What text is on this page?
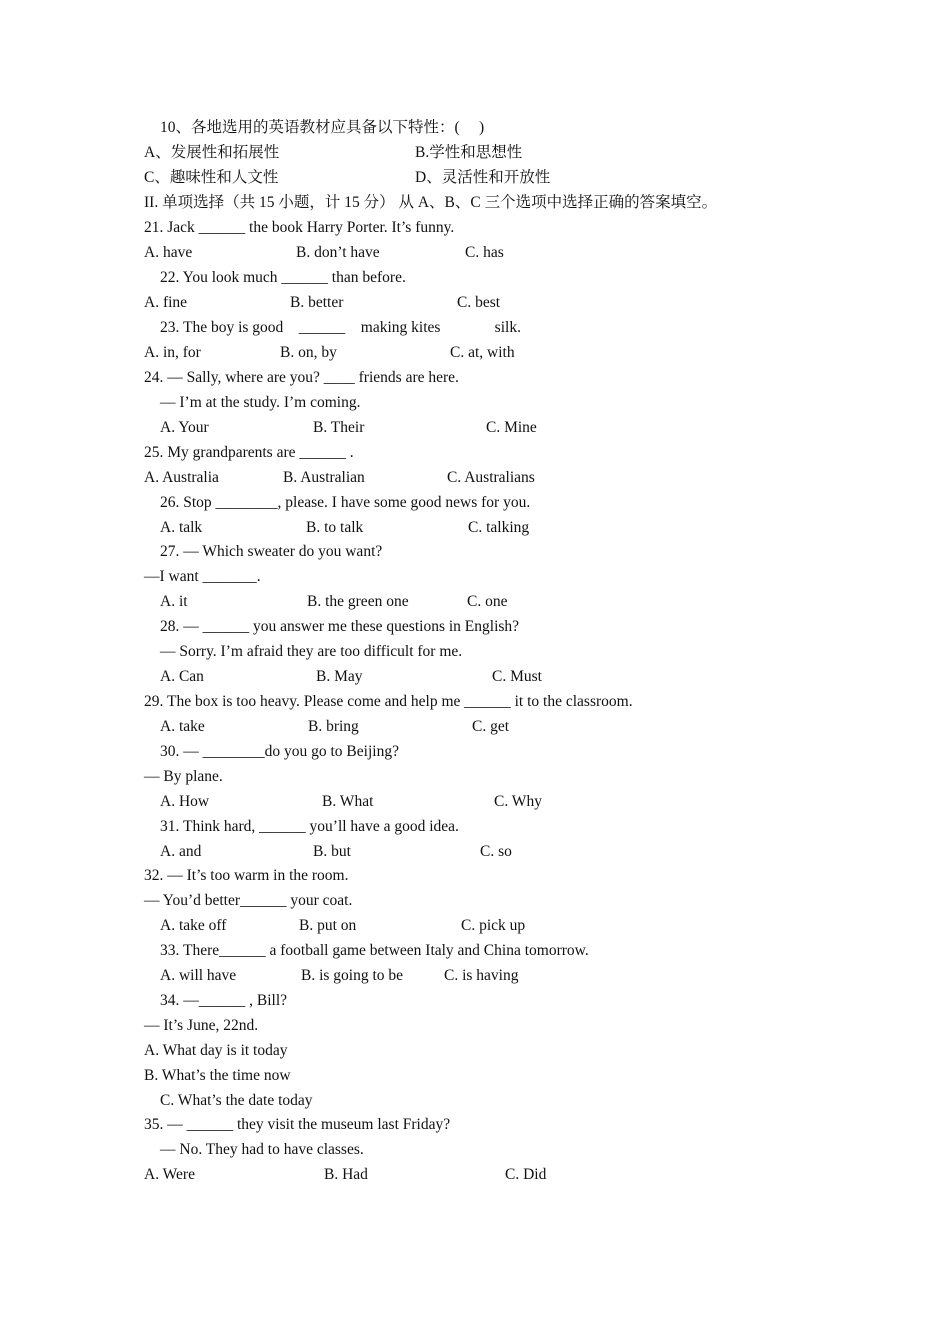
10、各地选用的英语教材应具备以下特性：(　 )
A、发展性和拓展性	B.学性和思想性
C、趣味性和人文性	D、灵活性和开放性
II. 单项选择（共 15 小题，计 15 分） 从 A、B、C 三个选项中选择正确的答案填空。
21. Jack ______ the book Harry Porter. It’s funny.
A. have	B. don’t have	C. has
22. You look much ______ than before.
A. fine	B. better	C. best
23. The boy is good    ______    making kites              silk.
A. in, for	B. on, by	C. at, with
24. — Sally, where are you? ____ friends are here.
— I’m at the study. I’m coming.
A. Your	B. Their	C. Mine
25. My grandparents are ______ .
A. Australia	B. Australian	C. Australians
26. Stop ________, please. I have some good news for you.
A. talk	B. to talk	C. talking
27. — Which sweater do you want?
—I want _______.
A. it	B. the green one	C. one
28. — ______ you answer me these questions in English?
— Sorry. I’m afraid they are too difficult for me.
A. Can	B. May	C. Must
29. The box is too heavy. Please come and help me ______ it to the classroom.
A. take	B. bring	C. get
30. — ________do you go to Beijing?
— By plane.
A. How	B. What	C. Why
31. Think hard, ______ you’ll have a good idea.
A. and	B. but	C. so
32. — It’s too warm in the room.
— You’d better______ your coat.
A. take off	B. put on	C. pick up
33. There______ a football game between Italy and China tomorrow.
A. will have	B. is going to be	C. is having
34. —______ , Bill?
— It’s June, 22nd.
A. What day is it today
B. What’s the time now
C. What’s the date today
35. — ______ they visit the museum last Friday?
— No. They had to have classes.
A. Were	B. Had	C. Did
